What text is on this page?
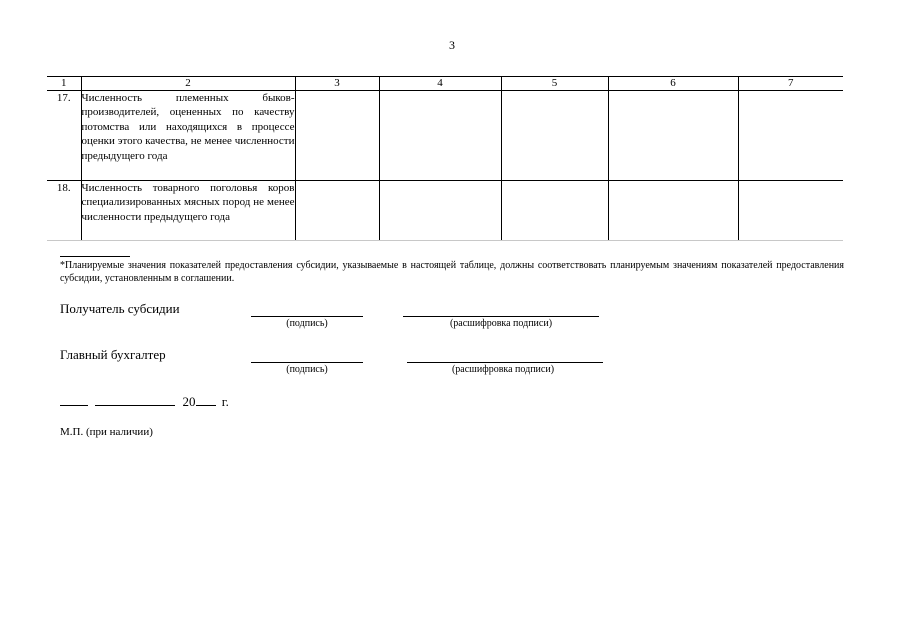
3
1	2	3	4	5	6	7
17.	Численность племенных быков-производителей, оцененных по качеству потомства или находящихся в процессе оценки этого качества, не менее численности предыдущего года					
18.	Численность товарного поголовья коров специализированных мясных пород не менее численности предыдущего года					
*Планируемые значения показателей предоставления субсидии, указываемые в настоящей таблице, должны соответствовать планируемым значениям показателей предоставления субсидии, установленным в соглашении.
Получатель субсидии
(подпись)	(расшифровка подписи)
Главный бухгалтер
(подпись)	(расшифровка подписи)
20 г.
М.П. (при наличии)
